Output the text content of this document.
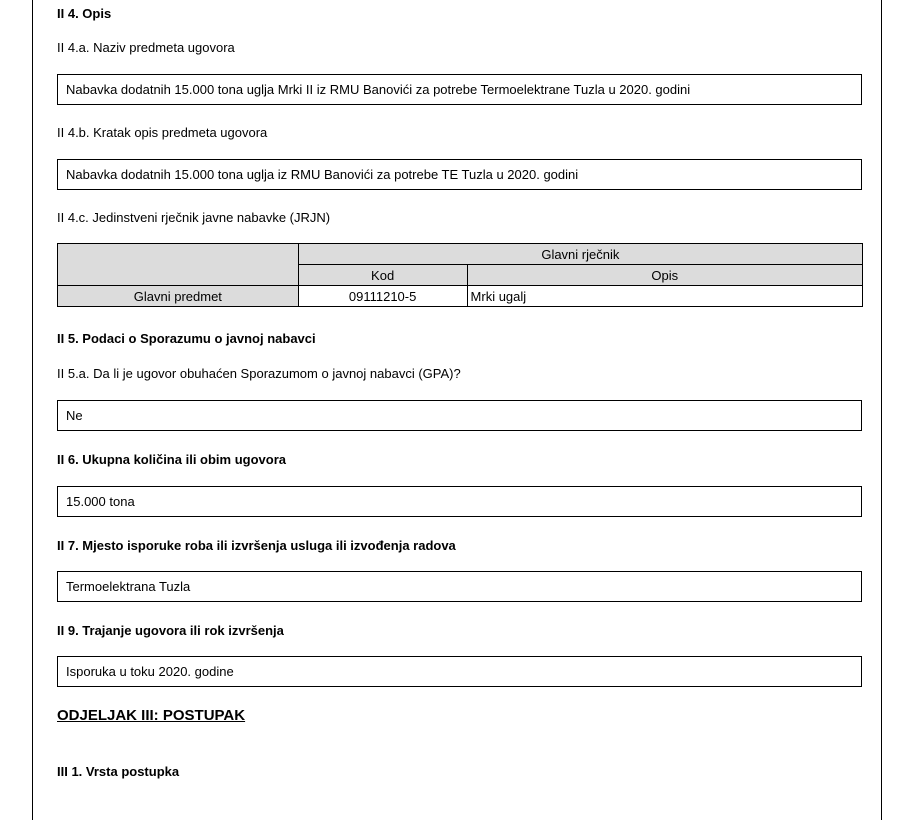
II 4. Opis
II 4.a. Naziv predmeta ugovora
Nabavka dodatnih 15.000 tona uglja Mrki II iz RMU Banovići za potrebe Termoelektrane Tuzla u 2020. godini
II 4.b. Kratak opis predmeta ugovora
Nabavka dodatnih 15.000 tona uglja iz RMU Banovići za potrebe TE Tuzla u 2020. godini
II 4.c. Jedinstveni rječnik javne nabavke (JRJN)
	Glavni rječnik	
	Kod	Opis
Glavni predmet	09111210-5	Mrki ugalj
II 5. Podaci o Sporazumu o javnoj nabavci
II 5.a. Da li je ugovor obuhaćen Sporazumom o javnoj nabavci (GPA)?
Ne
II 6. Ukupna količina ili obim ugovora
15.000 tona
II 7. Mjesto isporuke roba ili izvršenja usluga ili izvođenja radova
Termoelektrana Tuzla
II 9. Trajanje ugovora ili rok izvršenja
Isporuka u toku 2020. godine
ODJELJAK III: POSTUPAK
III 1. Vrsta postupka
